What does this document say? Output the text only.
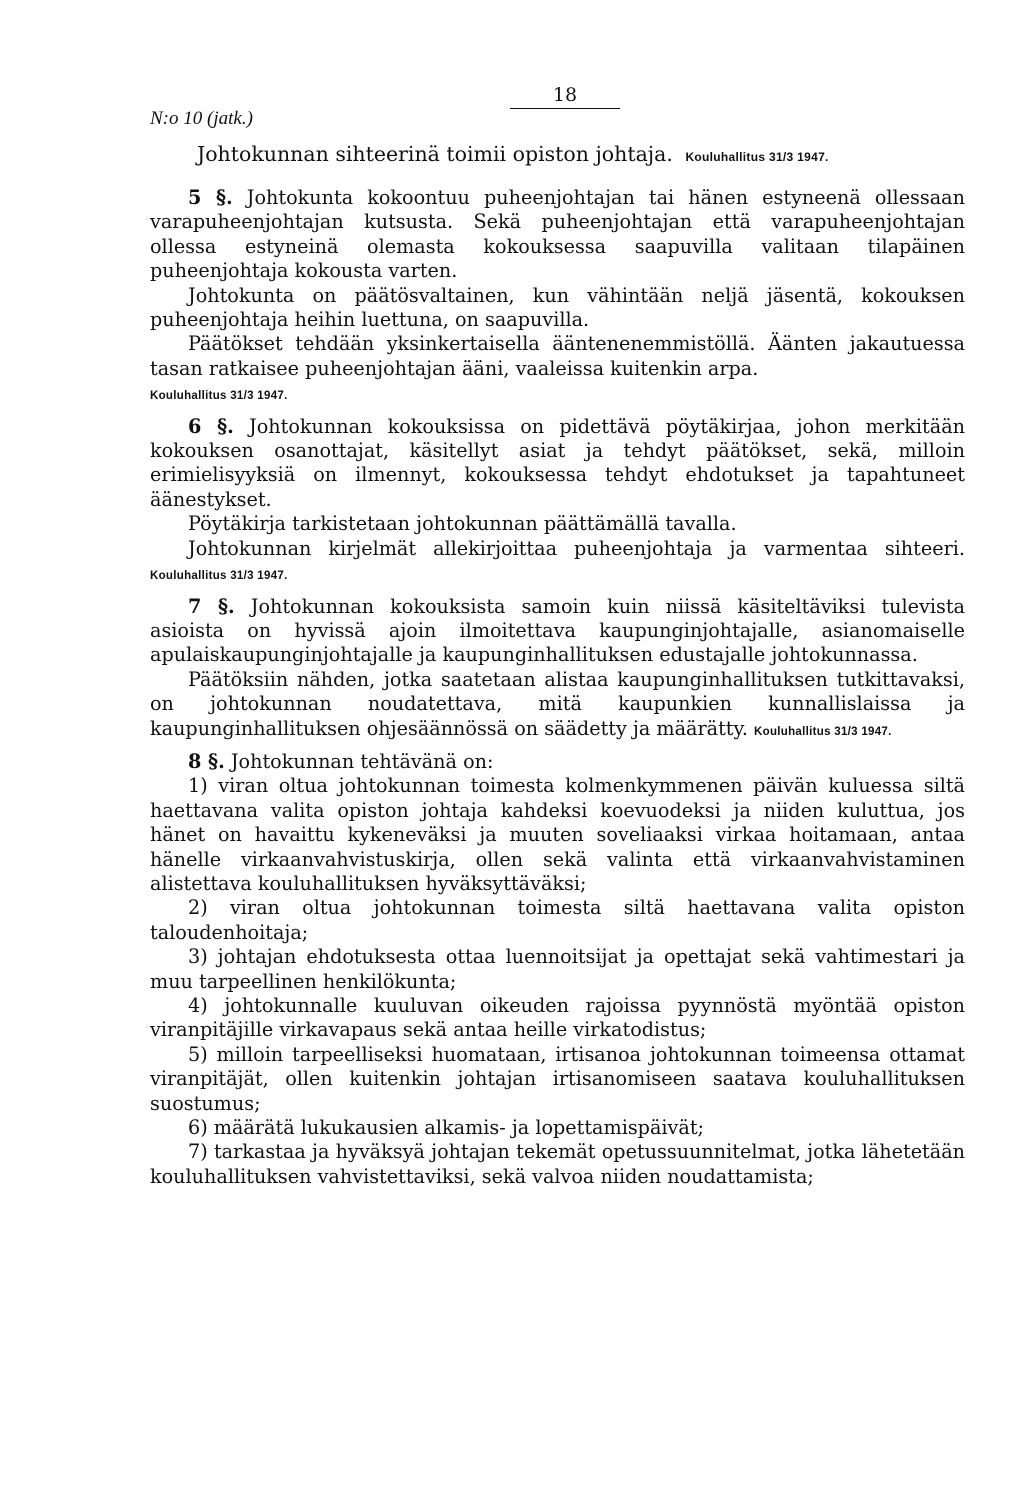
18
N:o 10 (jatk.)
Johtokunnan sihteerinä toimii opiston johtaja. Kouluhallitus 31/3 1947.

5 §. Johtokunta kokoontuu puheenjohtajan tai hänen estyneenä ollessaan varapuheenjohtajan kutsusta. Sekä puheenjohtajan että varapuheenjohtajan ollessa estyneinä olemasta kokouksessa saapuvilla valitaan tilapäinen puheenjohtaja kokousta varten.

Johtokunta on päätösvaltainen, kun vähintään neljä jäsentä, kokouksen puheenjohtaja heihin luettuna, on saapuvilla.

Päätökset tehdään yksinkertaisella ääntenenemmistöllä. Äänten jakautuessa tasan ratkaisee puheenjohtajan ääni, vaaleissa kuitenkin arpa.

Kouluhallitus 31/3 1947.

6 §. Johtokunnan kokouksissa on pidettävä pöytäkirjaa, johon merkitään kokouksen osanottajat, käsitellyt asiat ja tehdyt päätökset, sekä, milloin erimielisyyksiä on ilmennyt, kokouksessa tehdyt ehdotukset ja tapahtuneet äänestykset.

Pöytäkirja tarkistetaan johtokunnan päättämällä tavalla.

Johtokunnan kirjelmät allekirjoittaa puheenjohtaja ja varmentaa sihteeri. Kouluhallitus 31/3 1947.

7 §. Johtokunnan kokouksista samoin kuin niissä käsiteltäviksi tulevista asioista on hyvissä ajoin ilmoitettava kaupunginjohtajalle, asianomaiselle apulaiskaupunginjohtajalle ja kaupunginhallituksen edustajalle johtokunnassa.

Päätöksiin nähden, jotka saatetaan alistaa kaupunginhallituksen tutkittavaksi, on johtokunnan noudatettava, mitä kaupunkien kunnallislaissa ja kaupunginhallituksen ohjesäännössä on säädetty ja määrätty. Kouluhallitus 31/3 1947.

8 §. Johtokunnan tehtävänä on:

1) viran oltua johtokunnan toimesta kolmenkymmenen päivän kuluessa siltä haettavana valita opiston johtaja kahdeksi koevuodeksi ja niiden kuluttua, jos hänet on havaittu kykeneväksi ja muuten soveliaaksi virkaa hoitamaan, antaa hänelle virkaanvahvistuskirja, ollen sekä valinta että virkaanvahvistaminen alistettava kouluhallituksen hyväksyttäväksi;

2) viran oltua johtokunnan toimesta siltä haettavana valita opiston taloudenhoitaja;

3) johtajan ehdotuksesta ottaa luennoitsijat ja opettajat sekä vahtimestari ja muu tarpeellinen henkilökunta;

4) johtokunnalle kuuluvan oikeuden rajoissa pyynnöstä myöntää opiston viranpitäjille virkavapaus sekä antaa heille virkatodistus;

5) milloin tarpeelliseksi huomataan, irtisanoa johtokunnan toimeensa ottamat viranpitäjät, ollen kuitenkin johtajan irtisanomiseen saatava kouluhallituksen suostumus;

6) määrätä lukukausien alkamis- ja lopettamispäivät;

7) tarkastaa ja hyväksyä johtajan tekemät opetussuunnitelmat, jotka lähetetään kouluhallituksen vahvistettaviksi, sekä valvoa niiden noudattamista;
